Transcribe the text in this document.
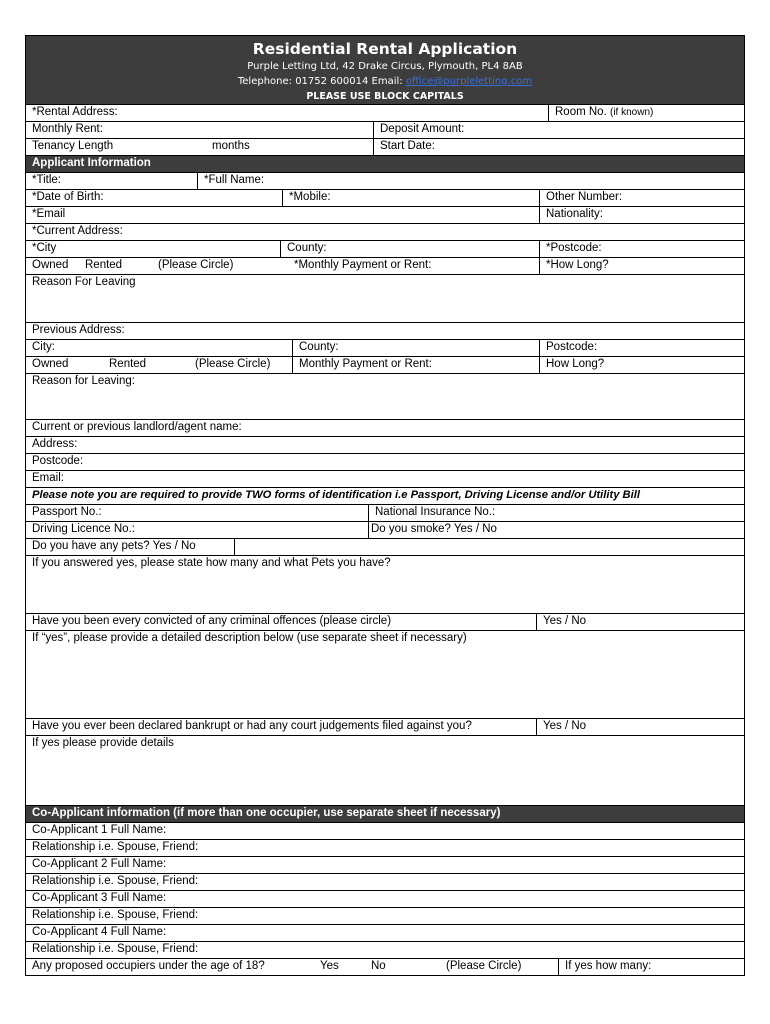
Residential Rental Application
Purple Letting Ltd, 42 Drake Circus, Plymouth, PL4 8AB
Telephone: 01752 600014 Email: office@purpleletting.com
PLEASE USE BLOCK CAPITALS
*Rental Address:	Room No. (if known)
Monthly Rent:	Deposit Amount:
Tenancy Length	months	Start Date:
Applicant Information
*Title:	*Full Name:
*Date of Birth:	*Mobile:	Other Number:
*Email	Nationality:
*Current Address:
*City	County:	*Postcode:
Owned Rented	(Please Circle)	*Monthly Payment or Rent:	*How Long?
Reason For Leaving
Previous Address:
City:	County:	Postcode:
Owned	Rented	(Please Circle)	Monthly Payment or Rent:	How Long?
Reason for Leaving:
Current or previous landlord/agent name:
Address:
Postcode:
Email:
Please note you are required to provide TWO forms of identification i.e Passport, Driving License and/or Utility Bill
Passport No.:	National Insurance No.:
Driving Licence No.:	Do you smoke? Yes / No
Do you have any pets? Yes / No
If you answered yes, please state how many and what Pets you have?
Have you been every convicted of any criminal offences (please circle)	Yes / No
If “yes”, please provide a detailed description below (use separate sheet if necessary)
Have you ever been declared bankrupt or had any court judgements filed against you?	Yes / No
If yes please provide details
Co-Applicant information (if more than one occupier, use separate sheet if necessary)
Co-Applicant 1 Full Name:
Relationship i.e. Spouse, Friend:
Co-Applicant 2 Full Name:
Relationship i.e. Spouse, Friend:
Co-Applicant 3 Full Name:
Relationship i.e. Spouse, Friend:
Co-Applicant 4 Full Name:
Relationship i.e. Spouse, Friend:
Any proposed occupiers under the age of 18?	Yes	No	(Please Circle)	If yes how many:
